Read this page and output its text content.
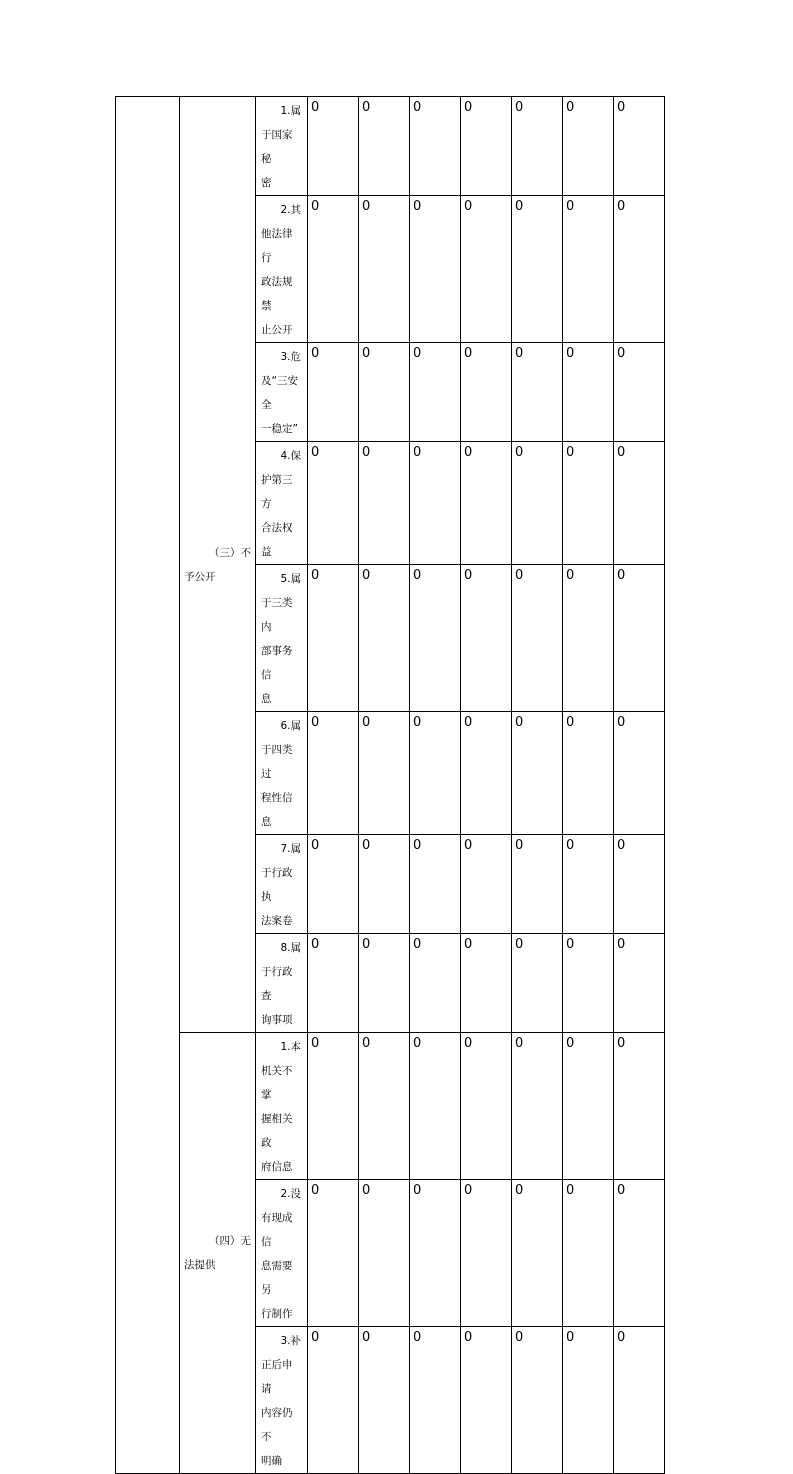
	（三）不
予公开	1.属
于国家秘
密	0	0	0	0	0	0	0

		2.其
他法律行
政法规禁
止公开	0	0	0	0	0	0	0

		3.危
及“三安全
一稳定”	0	0	0	0	0	0	0

		4.保
护第三方
合法权益	0	0	0	0	0	0	0

		5.属
于三类内
部事务信
息	0	0	0	0	0	0	0

		6.属
于四类过
程性信息	0	0	0	0	0	0	0

		7.属
于行政执
法案卷	0	0	0	0	0	0	0

		8.属
于行政查
询事项	0	0	0	0	0	0	0

	（四）无
法提供	1.本
机关不掌
握相关政
府信息	0	0	0	0	0	0	0

		2.没
有现成信
息需要另
行制作	0	0	0	0	0	0	0

		3.补
正后申请
内容仍不
明确	0	0	0	0	0	0	0
